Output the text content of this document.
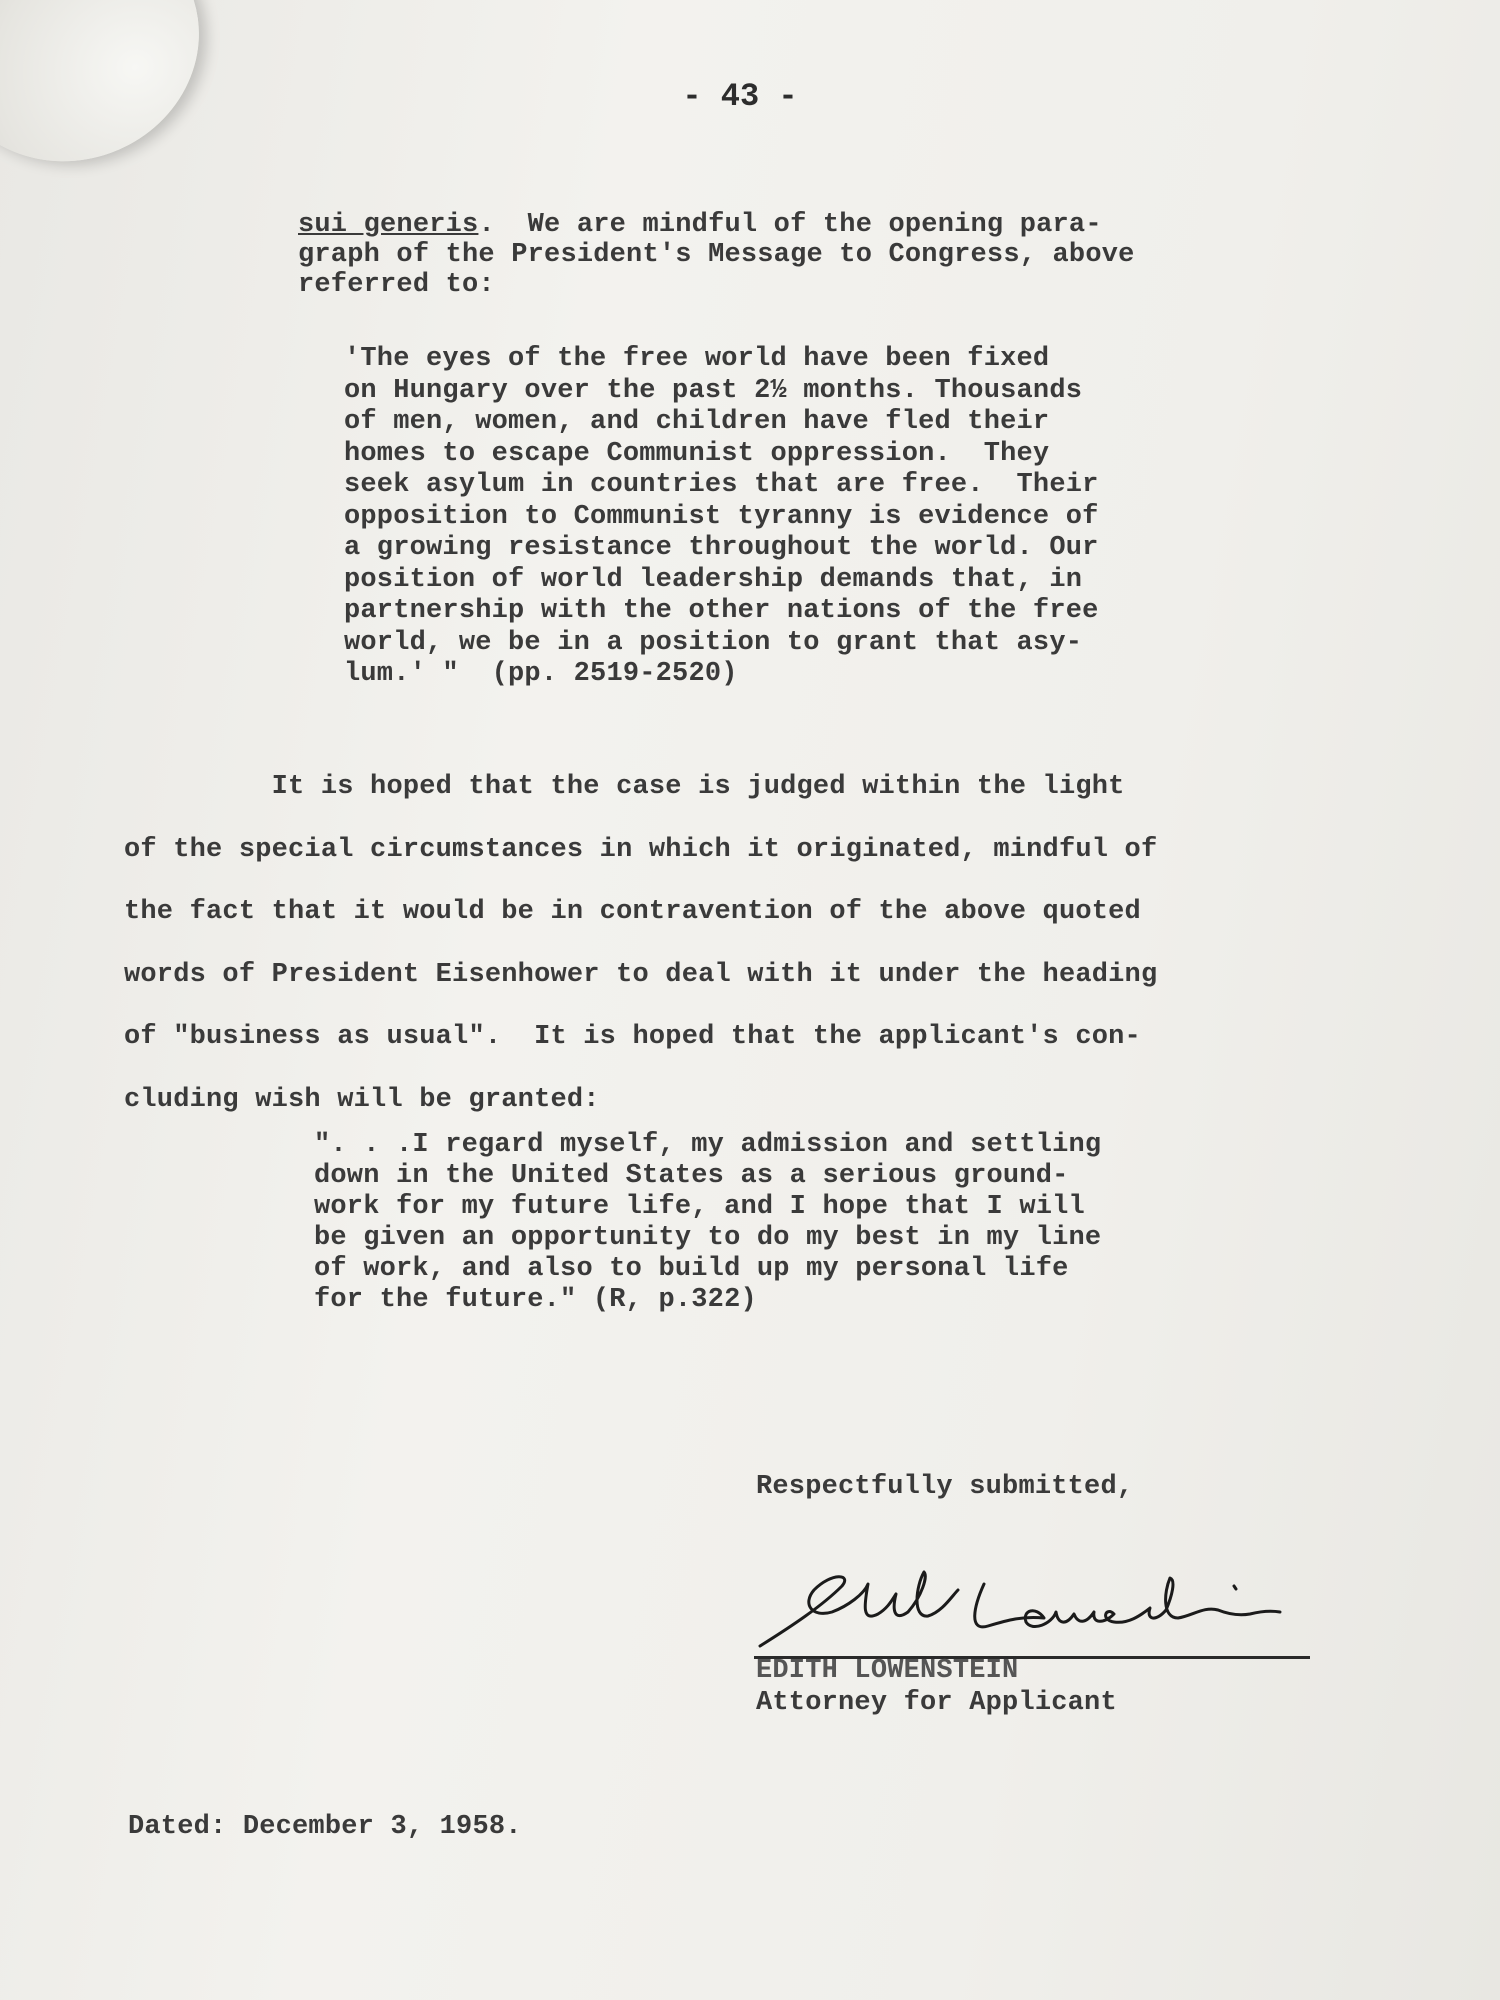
- 43 -
sui generis.  We are mindful of the opening para-
graph of the President's Message to Congress, above
referred to:
'The eyes of the free world have been fixed
on Hungary over the past 2½ months. Thousands
of men, women, and children have fled their
homes to escape Communist oppression.  They
seek asylum in countries that are free.  Their
opposition to Communist tyranny is evidence of
a growing resistance throughout the world. Our
position of world leadership demands that, in
partnership with the other nations of the free
world, we be in a position to grant that asy-
lum.' "  (pp. 2519-2520)
It is hoped that the case is judged within the light
of the special circumstances in which it originated, mindful of
the fact that it would be in contravention of the above quoted
words of President Eisenhower to deal with it under the heading
of "business as usual".  It is hoped that the applicant's con-
cluding wish will be granted:
". . .I regard myself, my admission and settling
down in the United States as a serious ground-
work for my future life, and I hope that I will
be given an opportunity to do my best in my line
of work, and also to build up my personal life
for the future." (R, p.322)
Respectfully submitted,
EDITH LOWENSTEIN
Attorney for Applicant
Dated: December 3, 1958.
